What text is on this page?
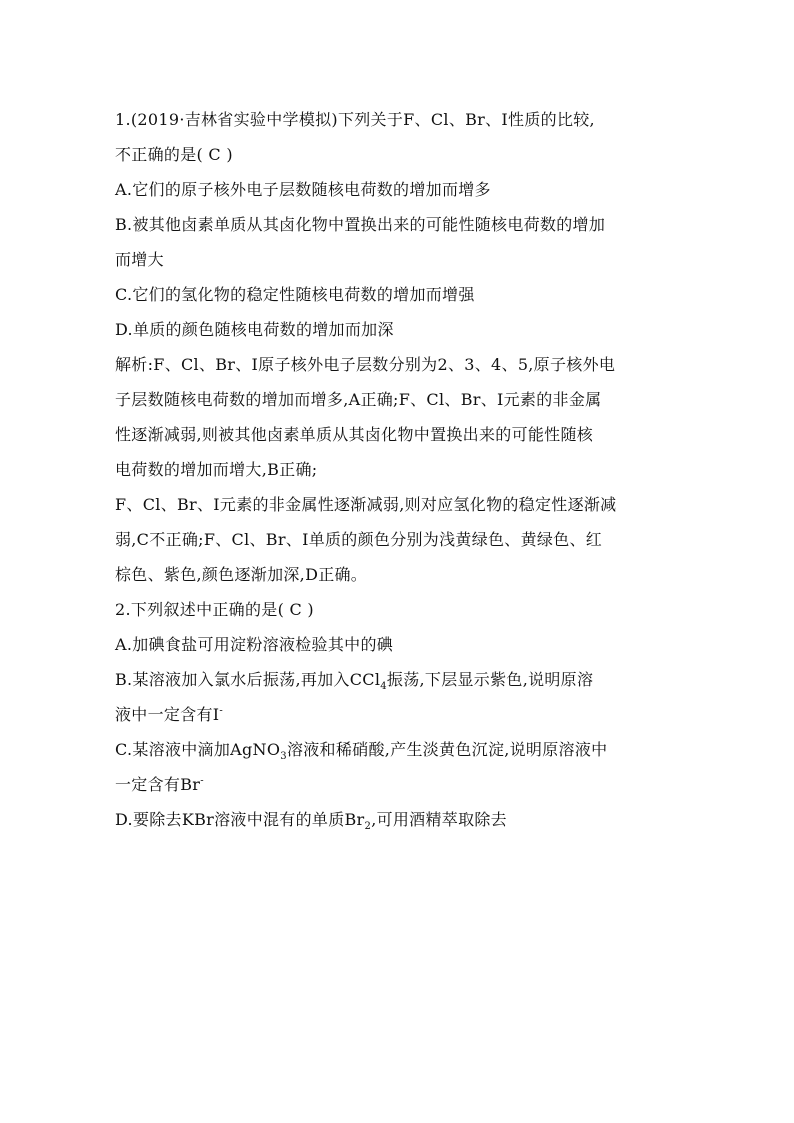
1.(2019·吉林省实验中学模拟)下列关于F、Cl、Br、I性质的比较,
不正确的是( C )
A.它们的原子核外电子层数随核电荷数的增加而增多
B.被其他卤素单质从其卤化物中置换出来的可能性随核电荷数的增加
而增大
C.它们的氢化物的稳定性随核电荷数的增加而增强
D.单质的颜色随核电荷数的增加而加深
解析:F、Cl、Br、I原子核外电子层数分别为2、3、4、5,原子核外电
子层数随核电荷数的增加而增多,A正确;F、Cl、Br、I元素的非金属
性逐渐减弱,则被其他卤素单质从其卤化物中置换出来的可能性随核
电荷数的增加而增大,B正确;
F、Cl、Br、I元素的非金属性逐渐减弱,则对应氢化物的稳定性逐渐减
弱,C不正确;F、Cl、Br、I单质的颜色分别为浅黄绿色、黄绿色、红
棕色、紫色,颜色逐渐加深,D正确。
2.下列叙述中正确的是( C )
A.加碘食盐可用淀粉溶液检验其中的碘
B.某溶液加入氯水后振荡,再加入CCl$_4$振荡,下层显示紫色,说明原溶
液中一定含有I-
C.某溶液中滴加AgNO$_3$溶液和稀硝酸,产生淡黄色沉淀,说明原溶液中
一定含有Br-
D.要除去KBr溶液中混有的单质$Br_2$,可用酒精萃取除去
